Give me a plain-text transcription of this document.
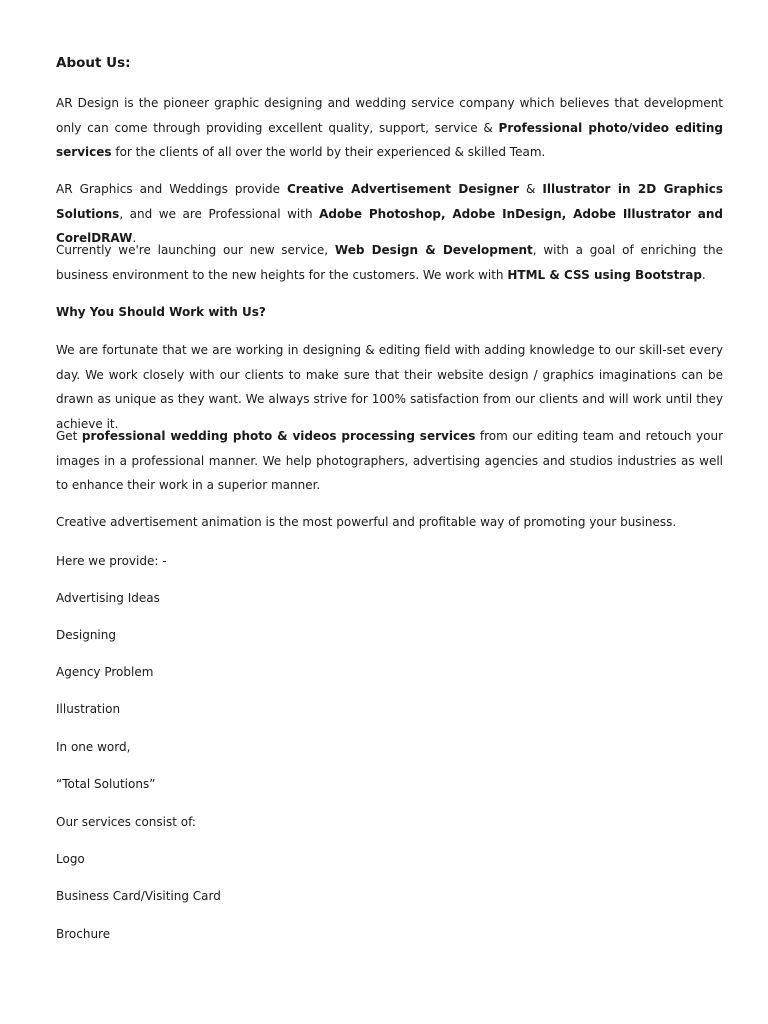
About Us:

AR Design is the pioneer graphic designing and wedding service company which believes that development only can come through providing excellent quality, support, service & Professional photo/video editing services for the clients of all over the world by their experienced & skilled Team.

AR Graphics and Weddings provide Creative Advertisement Designer & Illustrator in 2D Graphics Solutions, and we are Professional with Adobe Photoshop, Adobe InDesign, Adobe Illustrator and CorelDRAW.

Currently we're launching our new service, Web Design & Development, with a goal of enriching the business environment to the new heights for the customers. We work with HTML & CSS using Bootstrap.

Why You Should Work with Us?

We are fortunate that we are working in designing & editing field with adding knowledge to our skill-set every day. We work closely with our clients to make sure that their website design / graphics imaginations can be drawn as unique as they want. We always strive for 100% satisfaction from our clients and will work until they achieve it.

Get professional wedding photo & videos processing services from our editing team and retouch your images in a professional manner. We help photographers, advertising agencies and studios industries as well to enhance their work in a superior manner.

Creative advertisement animation is the most powerful and profitable way of promoting your business.

Here we provide: -
Advertising Ideas
Designing
Agency Problem
Illustration
In one word,
“Total Solutions”
Our services consist of:
Logo
Business Card/Visiting Card
Brochure
